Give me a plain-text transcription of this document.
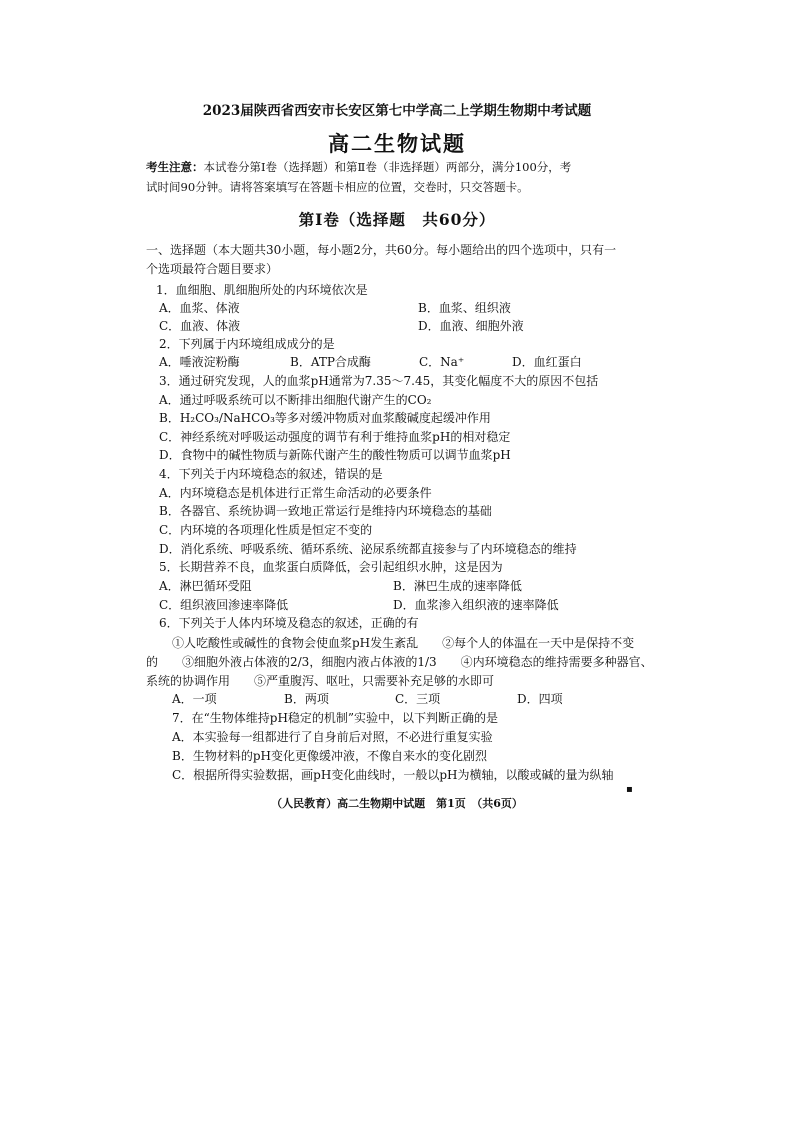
2023届陕西省西安市长安区第七中学高二上学期生物期中考试题
高二生物试题
考生注意：本试卷分第Ⅰ卷（选择题）和第Ⅱ卷（非选择题）两部分，满分100分，考
试时间90分钟。请将答案填写在答题卡相应的位置，交卷时，只交答题卡。
第Ⅰ卷（选择题　共60分）
一、选择题（本大题共30小题，每小题2分，共60分。每小题给出的四个选项中，只有一
个选项最符合题目要求）
1．血细胞、肌细胞所处的内环境依次是
A．血浆、体液	B．血浆、组织液
C．血液、体液	D．血液、细胞外液
2．下列属于内环境组成成分的是
A．唾液淀粉酶	B．ATP合成酶	C．Na⁺	D．血红蛋白
3．通过研究发现，人的血浆pH通常为7.35～7.45，其变化幅度不大的原因不包括
A．通过呼吸系统可以不断排出细胞代谢产生的CO₂
B．H₂CO₃/NaHCO₃等多对缓冲物质对血浆酸碱度起缓冲作用
C．神经系统对呼吸运动强度的调节有利于维持血浆pH的相对稳定
D．食物中的碱性物质与新陈代谢产生的酸性物质可以调节血浆pH
4．下列关于内环境稳态的叙述，错误的是
A．内环境稳态是机体进行正常生命活动的必要条件
B．各器官、系统协调一致地正常运行是维持内环境稳态的基础
C．内环境的各项理化性质是恒定不变的
D．消化系统、呼吸系统、循环系统、泌尿系统都直接参与了内环境稳态的维持
5．长期营养不良，血浆蛋白质降低，会引起组织水肿，这是因为
A．淋巴循环受阻	B．淋巴生成的速率降低
C．组织液回渗速率降低	D．血浆渗入组织液的速率降低
6．下列关于人体内环境及稳态的叙述，正确的有
①人吃酸性或碱性的食物会使血浆pH发生紊乱　　②每个人的体温在一天中是保持不变
的　　③细胞外液占体液的2/3，细胞内液占体液的1/3　　④内环境稳态的维持需要多种器官、
系统的协调作用　　⑤严重腹泻、呕吐，只需要补充足够的水即可
A．一项	B．两项	C．三项	D．四项
7．在“生物体维持pH稳定的机制”实验中，以下判断正确的是
A．本实验每一组都进行了自身前后对照，不必进行重复实验
B．生物材料的pH变化更像缓冲液，不像自来水的变化剧烈
C．根据所得实验数据，画pH变化曲线时，一般以pH为横轴，以酸或碱的量为纵轴
▪
（人民教育）高二生物期中试题　第1页　（共6页）
